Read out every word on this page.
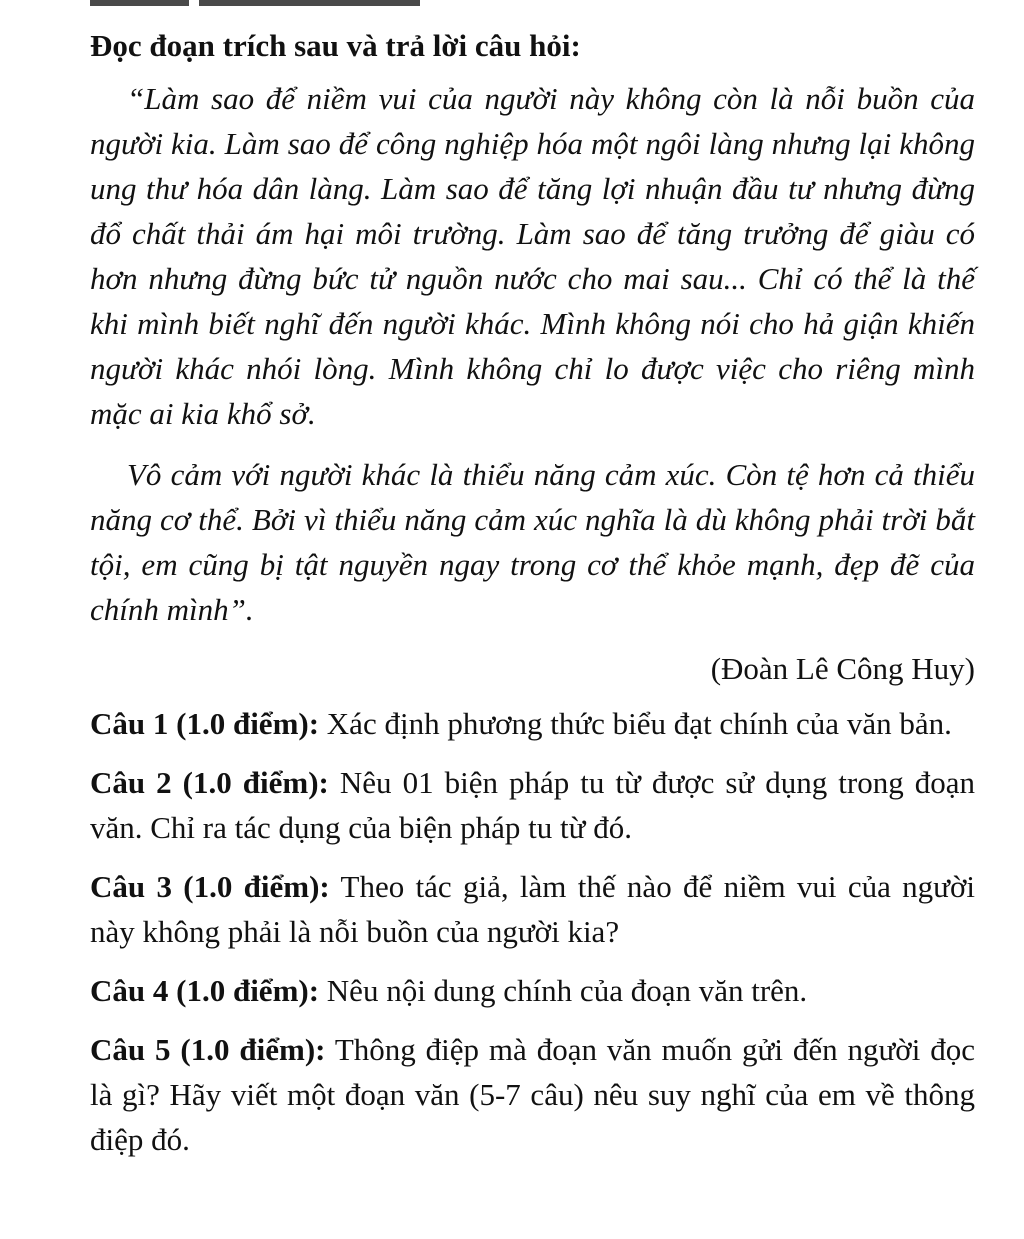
Đọc đoạn trích sau và trả lời câu hỏi:

“Làm sao để niềm vui của người này không còn là nỗi buồn của người kia. Làm sao để công nghiệp hóa một ngôi làng nhưng lại không ung thư hóa dân làng. Làm sao để tăng lợi nhuận đầu tư nhưng đừng đổ chất thải ám hại môi trường. Làm sao để tăng trưởng để giàu có hơn nhưng đừng bức tử nguồn nước cho mai sau... Chỉ có thể là thế khi mình biết nghĩ đến người khác. Mình không nói cho hả giận khiến người khác nhói lòng. Mình không chỉ lo được việc cho riêng mình mặc ai kia khổ sở.

Vô cảm với người khác là thiểu năng cảm xúc. Còn tệ hơn cả thiểu năng cơ thể. Bởi vì thiểu năng cảm xúc nghĩa là dù không phải trời bắt tội, em cũng bị tật nguyền ngay trong cơ thể khỏe mạnh, đẹp đẽ của chính mình”.

(Đoàn Lê Công Huy)

Câu 1 (1.0 điểm): Xác định phương thức biểu đạt chính của văn bản.

Câu 2 (1.0 điểm): Nêu 01 biện pháp tu từ được sử dụng trong đoạn văn. Chỉ ra tác dụng của biện pháp tu từ đó.

Câu 3 (1.0 điểm): Theo tác giả, làm thế nào để niềm vui của người này không phải là nỗi buồn của người kia?

Câu 4 (1.0 điểm): Nêu nội dung chính của đoạn văn trên.

Câu 5 (1.0 điểm): Thông điệp mà đoạn văn muốn gửi đến người đọc là gì? Hãy viết một đoạn văn (5-7 câu) nêu suy nghĩ của em về thông điệp đó.
